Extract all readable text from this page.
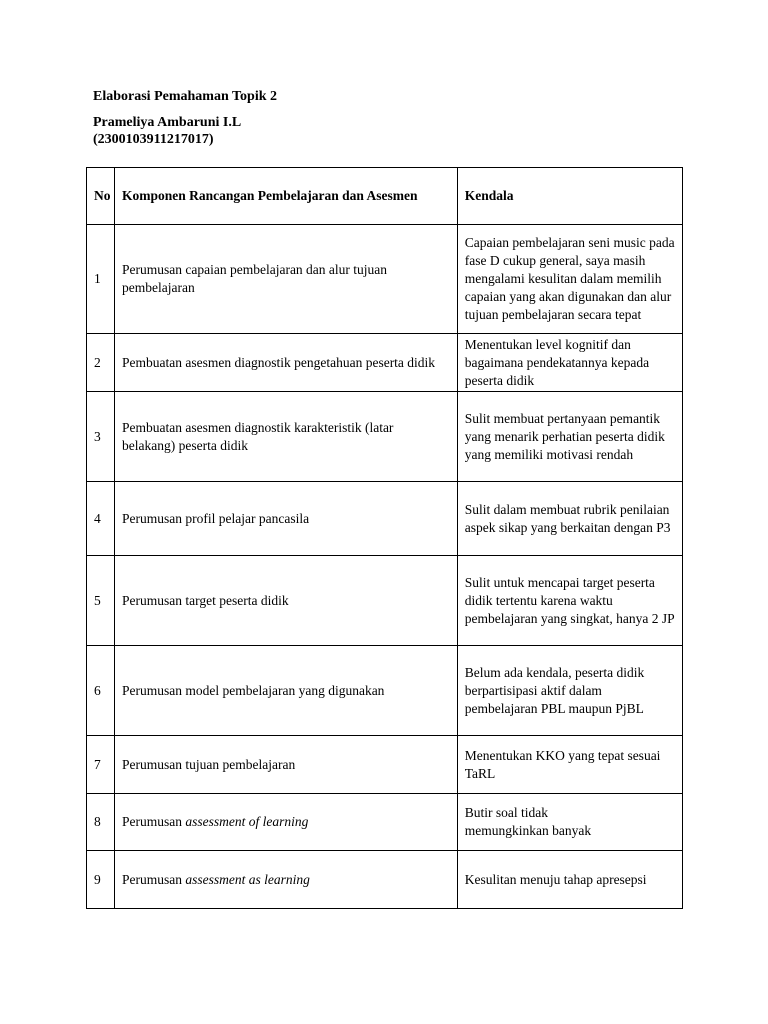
Elaborasi Pemahaman Topik 2
Prameliya Ambaruni I.L
(2300103911217017)
No	Komponen Rancangan Pembelajaran dan Asesmen	Kendala
1	Perumusan capaian pembelajaran dan alur tujuan pembelajaran	Capaian pembelajaran seni music pada fase D cukup general, saya masih mengalami kesulitan dalam memilih capaian yang akan digunakan dan alur tujuan pembelajaran secara tepat
2	Pembuatan asesmen diagnostik pengetahuan peserta didik	Menentukan level kognitif dan bagaimana pendekatannya kepada peserta didik
3	Pembuatan asesmen diagnostik karakteristik (latar belakang) peserta didik	Sulit membuat pertanyaan pemantik yang menarik perhatian peserta didik yang memiliki motivasi rendah
4	Perumusan profil pelajar pancasila	Sulit dalam membuat rubrik penilaian aspek sikap yang berkaitan dengan P3
5	Perumusan target peserta didik	Sulit untuk mencapai target peserta didik tertentu karena waktu pembelajaran yang singkat, hanya 2 JP
6	Perumusan model pembelajaran yang digunakan	Belum ada kendala, peserta didik berpartisipasi aktif dalam pembelajaran PBL maupun PjBL
7	Perumusan tujuan pembelajaran	Menentukan KKO yang tepat sesuai TaRL
8	Perumusan assessment of learning	Butir soal tidak
memungkinkan banyak

9	Perumusan assessment as learning	Kesulitan menuju tahap apresepsi
